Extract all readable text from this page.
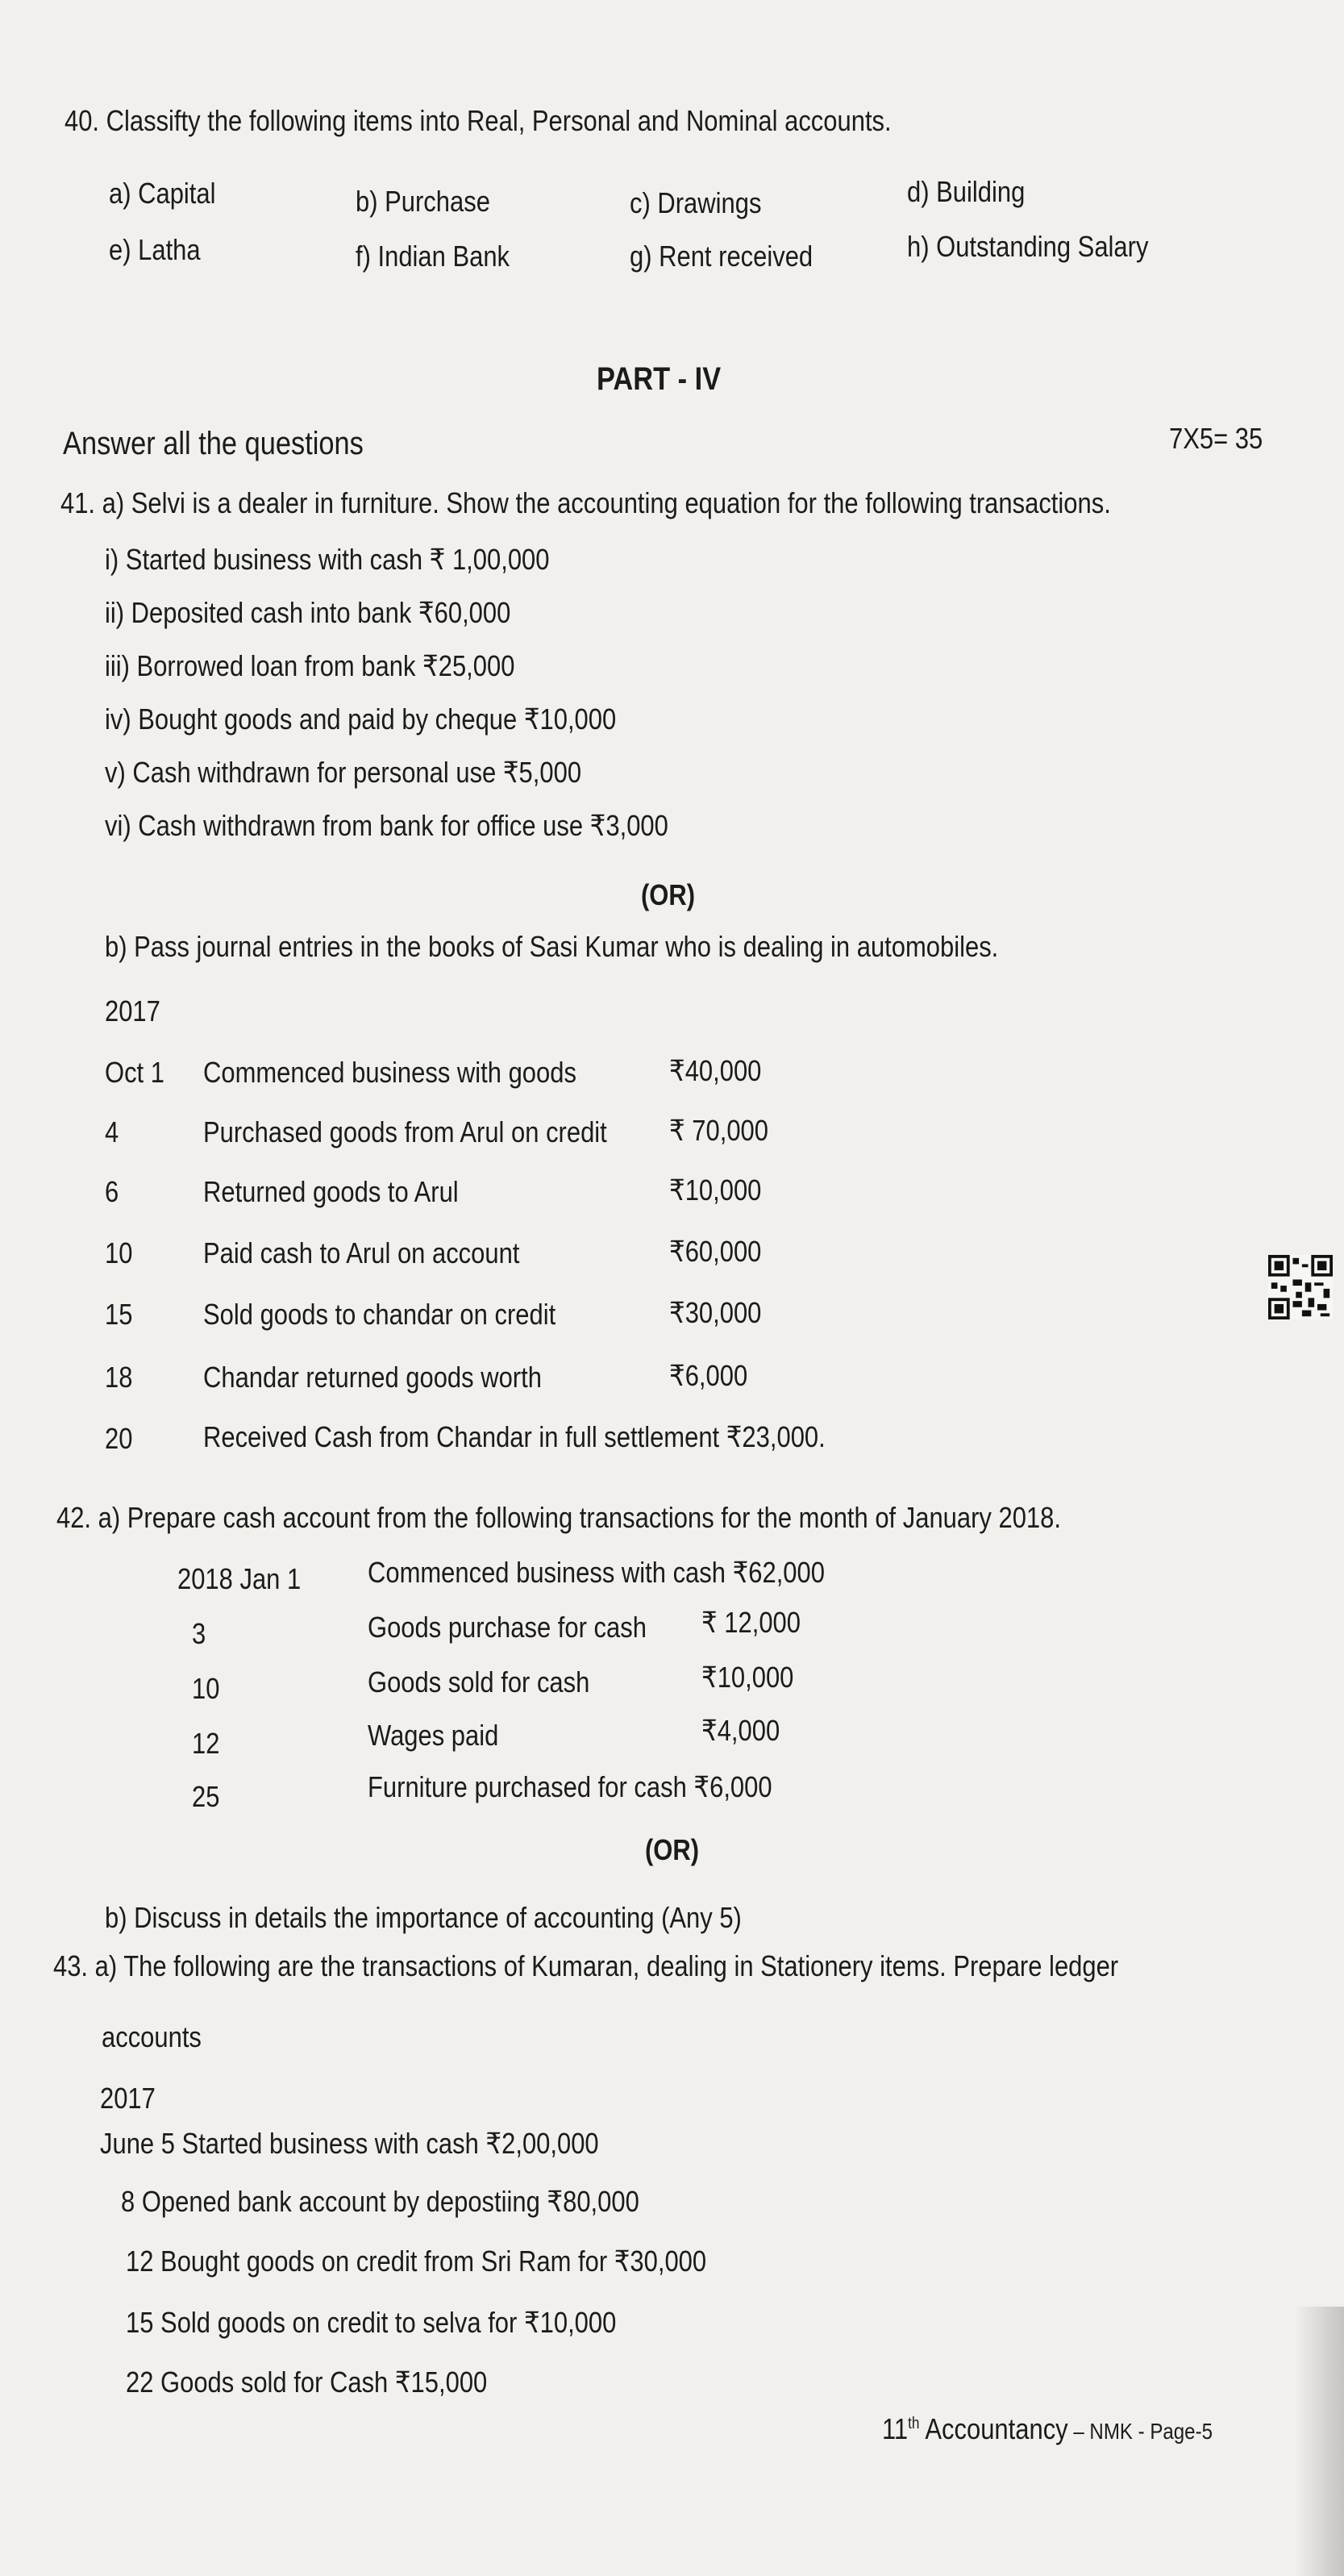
40. Classifty the following items into Real, Personal and Nominal accounts.
a) Capital	b) Purchase	c) Drawings	d) Building
e) Latha	f) Indian Bank	g) Rent received	h) Outstanding Salary
PART - IV
Answer all the questions	7X5= 35
41. a) Selvi is a dealer in furniture. Show the accounting equation for the following transactions.
i) Started business with cash ₹ 1,00,000
ii) Deposited cash into bank ₹60,000
iii) Borrowed loan from bank ₹25,000
iv) Bought goods and paid by cheque ₹10,000
v) Cash withdrawn for personal use ₹5,000
vi) Cash withdrawn from bank for office use ₹3,000
(OR)
b) Pass journal entries in the books of Sasi Kumar who is dealing in automobiles.
2017
Oct 1 Commenced business with goods	₹40,000
4	Purchased goods from Arul on credit ₹ 70,000
6	Returned goods to Arul	₹10,000
10 Paid cash to Arul on account	₹60,000
15 Sold goods to chandar on credit	₹30,000
18 Chandar returned goods worth	₹6,000
20 Received Cash from Chandar in full settlement ₹23,000.
42. a) Prepare cash account from the following transactions for the month of January 2018.
2018 Jan 1 Commenced business with cash ₹62,000
3	Goods purchase for cash ₹ 12,000
10	Goods sold for cash	₹10,000
12	Wages paid	₹4,000
25	Furniture purchased for cash ₹6,000
(OR)
b) Discuss in details the importance of accounting (Any 5)
43. a) The following are the transactions of Kumaran, dealing in Stationery items. Prepare ledger
accounts
2017
June 5 Started business with cash ₹2,00,000
8 Opened bank account by depostiing ₹80,000
12 Bought goods on credit from Sri Ram for ₹30,000
15 Sold goods on credit to selva for ₹10,000
22 Goods sold for Cash ₹15,000
11th Accountancy – NMK - Page-5
